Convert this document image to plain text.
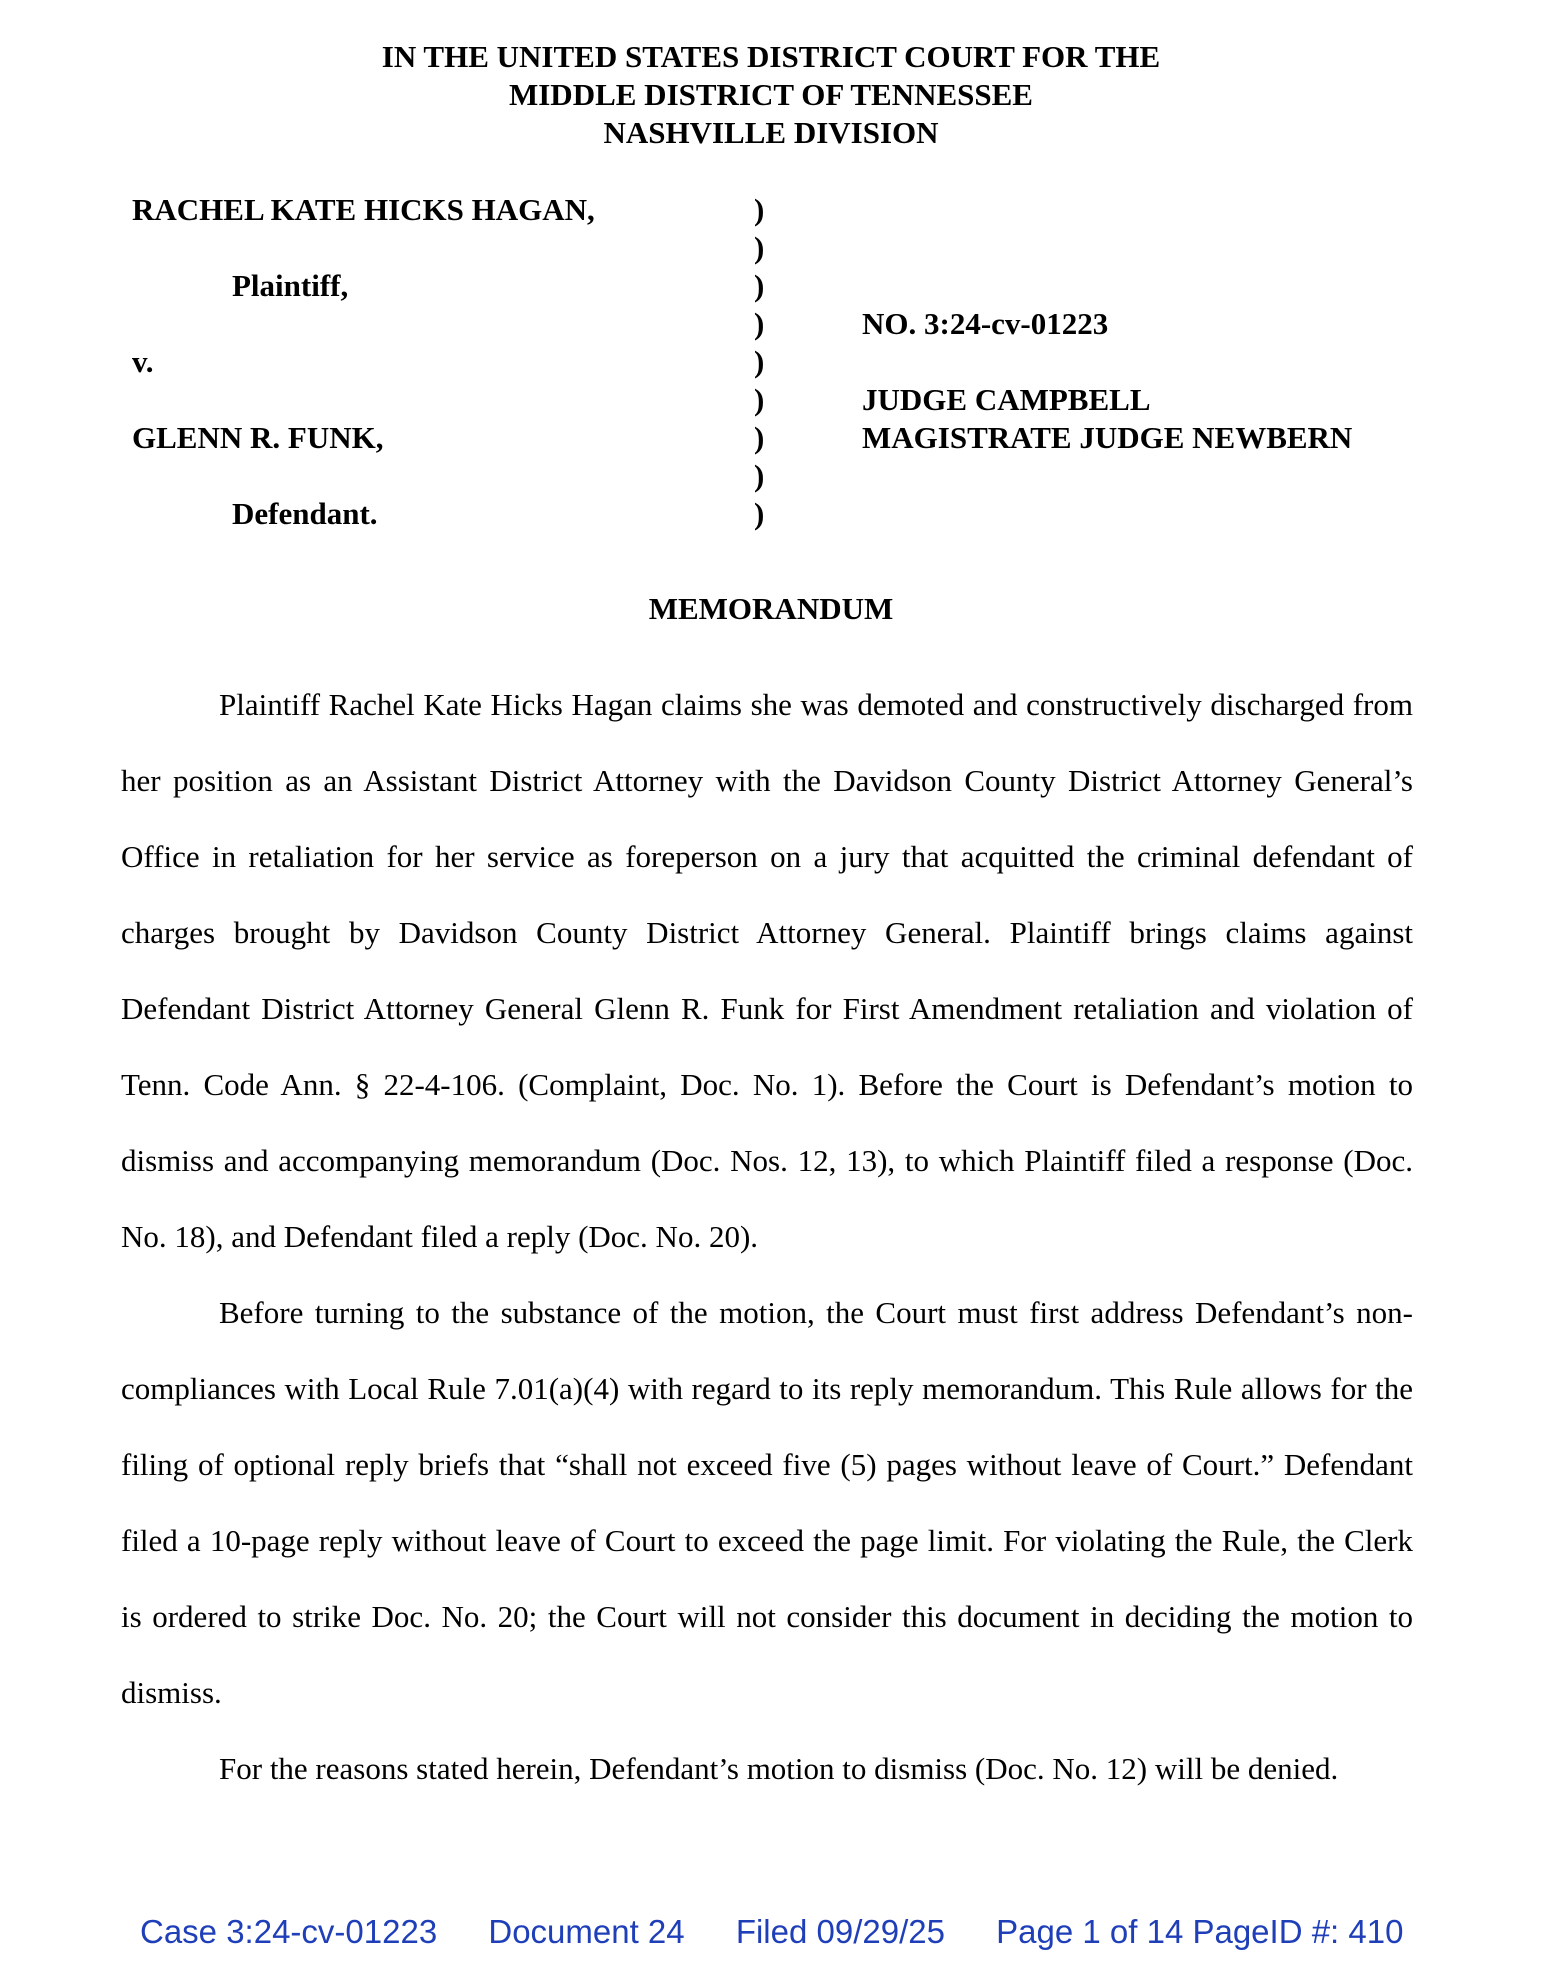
IN THE UNITED STATES DISTRICT COURT FOR THE
MIDDLE DISTRICT OF TENNESSEE
NASHVILLE DIVISION
RACHEL KATE HICKS HAGAN,
Plaintiff,
v.
GLENN R. FUNK,
Defendant.
)
)
)
)
)
)
)
)
)
NO. 3:24-cv-01223
JUDGE CAMPBELL
MAGISTRATE JUDGE NEWBERN
MEMORANDUM

Plaintiff Rachel Kate Hicks Hagan claims she was demoted and constructively discharged from her position as an Assistant District Attorney with the Davidson County District Attorney General’s Office in retaliation for her service as foreperson on a jury that acquitted the criminal defendant of charges brought by Davidson County District Attorney General. Plaintiff brings claims against Defendant District Attorney General Glenn R. Funk for First Amendment retaliation and violation of Tenn. Code Ann. § 22-4-106. (Complaint, Doc. No. 1). Before the Court is Defendant’s motion to dismiss and accompanying memorandum (Doc. Nos. 12, 13), to which Plaintiff filed a response (Doc. No. 18), and Defendant filed a reply (Doc. No. 20).

Before turning to the substance of the motion, the Court must first address Defendant’s non-compliances with Local Rule 7.01(a)(4) with regard to its reply memorandum. This Rule allows for the filing of optional reply briefs that “shall not exceed five (5) pages without leave of Court.” Defendant filed a 10-page reply without leave of Court to exceed the page limit. For violating the Rule, the Clerk is ordered to strike Doc. No. 20; the Court will not consider this document in deciding the motion to dismiss.

For the reasons stated herein, Defendant’s motion to dismiss (Doc. No. 12) will be denied.

Case 3:24-cv-01223 Document 24 Filed 09/29/25 Page 1 of 14 PageID #: 410
